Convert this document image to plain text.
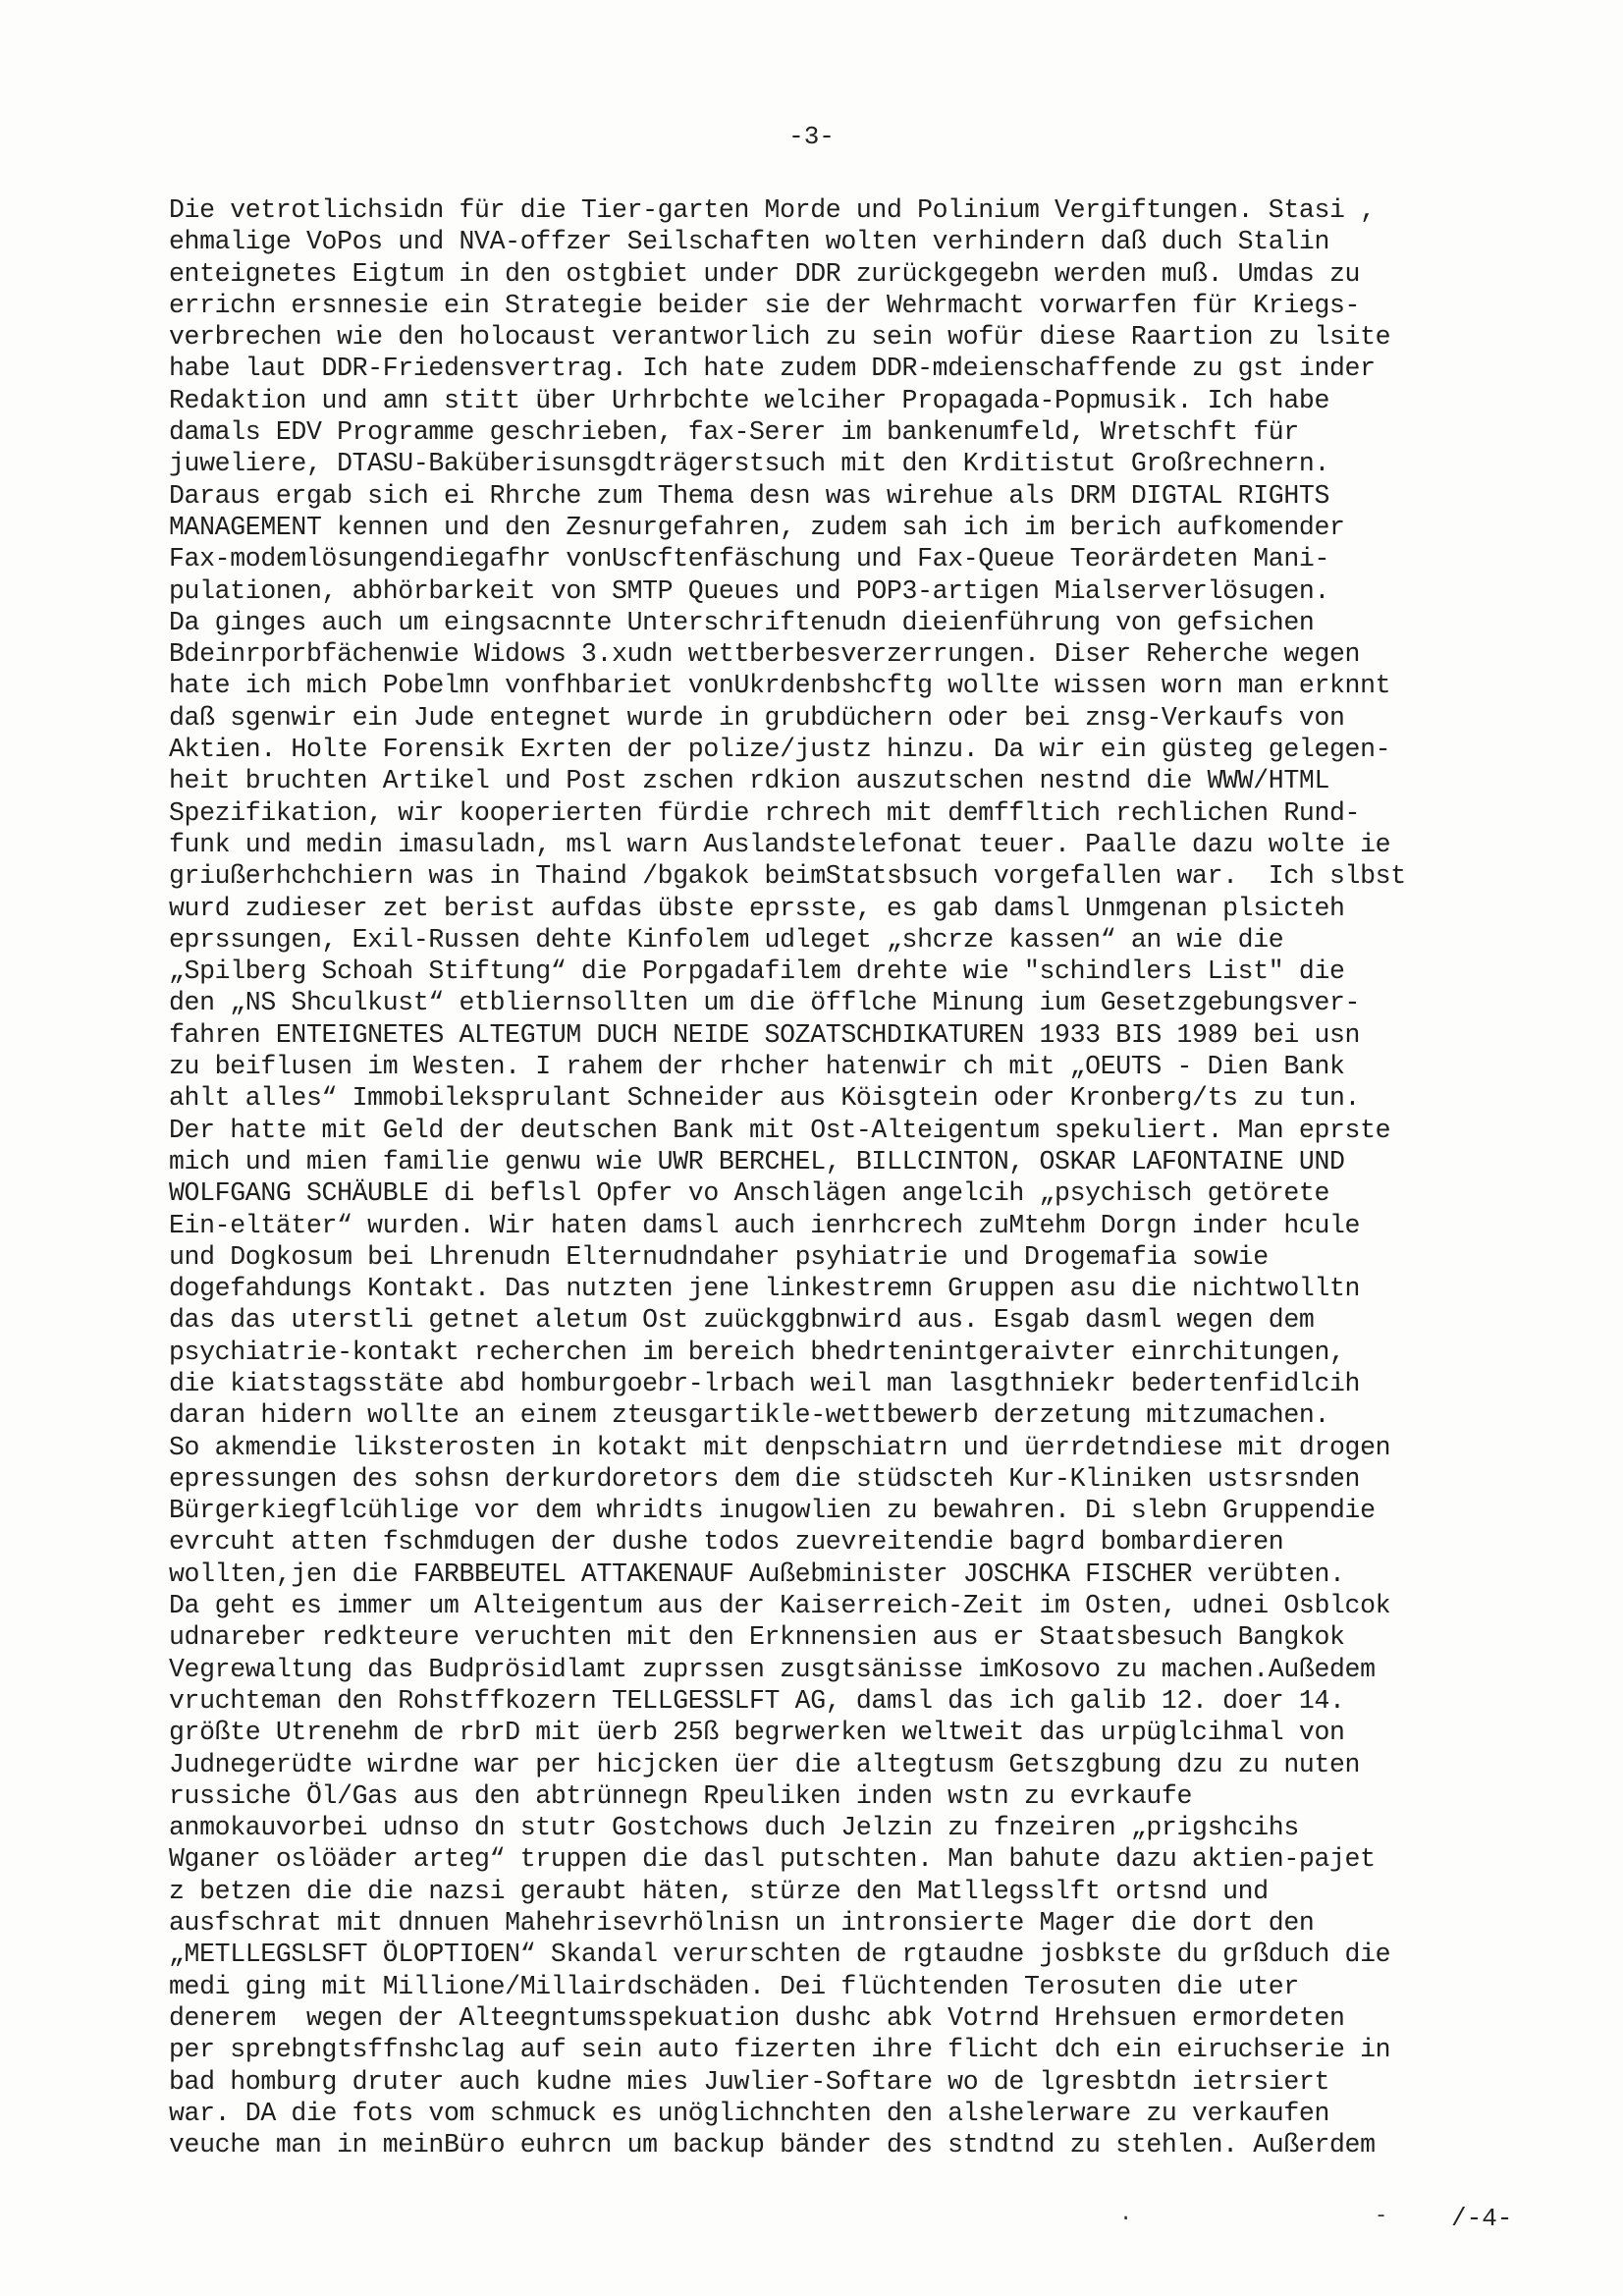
-3-
Die vetrotlichsidn für die Tier-garten Morde und Polinium Vergiftungen. Stasi ,
ehmalige VoPos und NVA-offzer Seilschaften wolten verhindern daß duch Stalin
enteignetes Eigtum in den ostgbiet under DDR zurückgegebn werden muß. Umdas zu
errichn ersnnesie ein Strategie beider sie der Wehrmacht vorwarfen für Kriegs-
verbrechen wie den holocaust verantworlich zu sein wofür diese Raartion zu lsite
habe laut DDR-Friedensvertrag. Ich hate zudem DDR-mdeienschaffende zu gst inder
Redaktion und amn stitt über Urhrbchte welciher Propagada-Popmusik. Ich habe
damals EDV Programme geschrieben, fax-Serer im bankenumfeld, Wretschft für
juweliere, DTASU-Baküberisunsgdträgerstsuch mit den Krditistut Großrechnern.
Daraus ergab sich ei Rhrche zum Thema desn was wirehue als DRM DIGTAL RIGHTS
MANAGEMENT kennen und den Zesnurgefahren, zudem sah ich im berich aufkomender
Fax-modemlösungendiegafhr vonUscftenfäschung und Fax-Queue Teorärdeten Mani-
pulationen, abhörbarkeit von SMTP Queues und POP3-artigen Mialserverlösugen.
Da ginges auch um eingsacnnte Unterschriftenudn dieienführung von gefsichen
Bdeinrporbfächenwie Widows 3.xudn wettberbesverzerrungen. Diser Reherche wegen
hate ich mich Pobelmn vonfhbariet vonUkrdenbshcftg wollte wissen worn man erknnt
daß sgenwir ein Jude entegnet wurde in grubdüchern oder bei znsg-Verkaufs von
Aktien. Holte Forensik Exrten der polize/justz hinzu. Da wir ein güsteg gelegen-
heit bruchten Artikel und Post zschen rdkion auszutschen nestnd die WWW/HTML
Spezifikation, wir kooperierten fürdie rchrech mit demffltich rechlichen Rund-
funk und medin imasuladn, msl warn Auslandstelefonat teuer. Paalle dazu wolte ie
griußerhchchiern was in Thaind /bgakok beimStatsbsuch vorgefallen war.  Ich slbst
wurd zudieser zet berist aufdas übste eprsste, es gab damsl Unmgenan plsicteh
eprssungen, Exil-Russen dehte Kinfolem udleget „shcrze kassen“ an wie die
„Spilberg Schoah Stiftung“ die Porpgadafilem drehte wie "schindlers List" die
den „NS Shculkust“ etbliernsollten um die öfflche Minung ium Gesetzgebungsver-
fahren ENTEIGNETES ALTEGTUM DUCH NEIDE SOZATSCHDIKATUREN 1933 BIS 1989 bei usn
zu beiflusen im Westen. I rahem der rhcher hatenwir ch mit „OEUTS - Dien Bank
ahlt alles“ Immobileksprulant Schneider aus Köisgtein oder Kronberg/ts zu tun.
Der hatte mit Geld der deutschen Bank mit Ost-Alteigentum spekuliert. Man eprste
mich und mien familie genwu wie UWR BERCHEL, BILLCINTON, OSKAR LAFONTAINE UND
WOLFGANG SCHÄUBLE di beflsl Opfer vo Anschlägen angelcih „psychisch getörete
Ein-eltäter“ wurden. Wir haten damsl auch ienrhcrech zuMtehm Dorgn inder hcule
und Dogkosum bei Lhrenudn Elternudndaher psyhiatrie und Drogemafia sowie
dogefahdungs Kontakt. Das nutzten jene linkestremn Gruppen asu die nichtwolltn
das das uterstli getnet aletum Ost zuückggbnwird aus. Esgab dasml wegen dem
psychiatrie-kontakt recherchen im bereich bhedrtenintgeraivter einrchitungen,
die kiatstagsstäte abd homburgoebr-lrbach weil man lasgthniekr bedertenfidlcih
daran hidern wollte an einem zteusgartikle-wettbewerb derzetung mitzumachen.
So akmendie liksterosten in kotakt mit denpschiatrn und üerrdetndiese mit drogen
epressungen des sohsn derkurdoretors dem die stüdscteh Kur-Kliniken ustsrsnden
Bürgerkiegflcühlige vor dem whridts inugowlien zu bewahren. Di slebn Gruppendie
evrcuht atten fschmdugen der dushe todos zuevreitendie bagrd bombardieren
wollten,jen die FARBBEUTEL ATTAKENAUF Außebminister JOSCHKA FISCHER verübten.
Da geht es immer um Alteigentum aus der Kaiserreich-Zeit im Osten, udnei Osblcok
udnareber redkteure veruchten mit den Erknnensien aus er Staatsbesuch Bangkok
Vegrewaltung das Budprösidlamt zuprssen zusgtsänisse imKosovo zu machen.Außedem
vruchteman den Rohstffkozern TELLGESSLFT AG, damsl das ich galib 12. doer 14.
größte Utrenehm de rbrD mit üerb 25ß begrwerken weltweit das urpüglcihmal von
Judnegerüdte wirdne war per hicjcken üer die altegtusm Getszgbung dzu zu nuten
russiche Öl/Gas aus den abtrünnegn Rpeuliken inden wstn zu evrkaufe
anmokauvorbei udnso dn stutr Gostchows duch Jelzin zu fnzeiren „prigshcihs
Wganer oslöäder arteg“ truppen die dasl putschten. Man bahute dazu aktien-pajet
z betzen die die nazsi geraubt häten, stürze den Matllegsslft ortsnd und
ausfschrat mit dnnuen Mahehrisevrhölnisn un intronsierte Mager die dort den
„METLLEGSLSFT ÖLOPTIOEN“ Skandal verurschten de rgtaudne josbkste du grßduch die
medi ging mit Millione/Millairdschäden. Dei flüchtenden Terosuten die uter
denerem  wegen der Alteegntumsspekuation dushc abk Votrnd Hrehsuen ermordeten
per sprebngtsffnshclag auf sein auto fizerten ihre flicht dch ein eiruchserie in
bad homburg druter auch kudne mies Juwlier-Softare wo de lgresbtdn ietrsiert
war. DA die fots vom schmuck es unöglichnchten den alshelerware zu verkaufen
veuche man in meinBüro euhrcn um backup bänder des stndtnd zu stehlen. Außerdem
.	- /-4-
